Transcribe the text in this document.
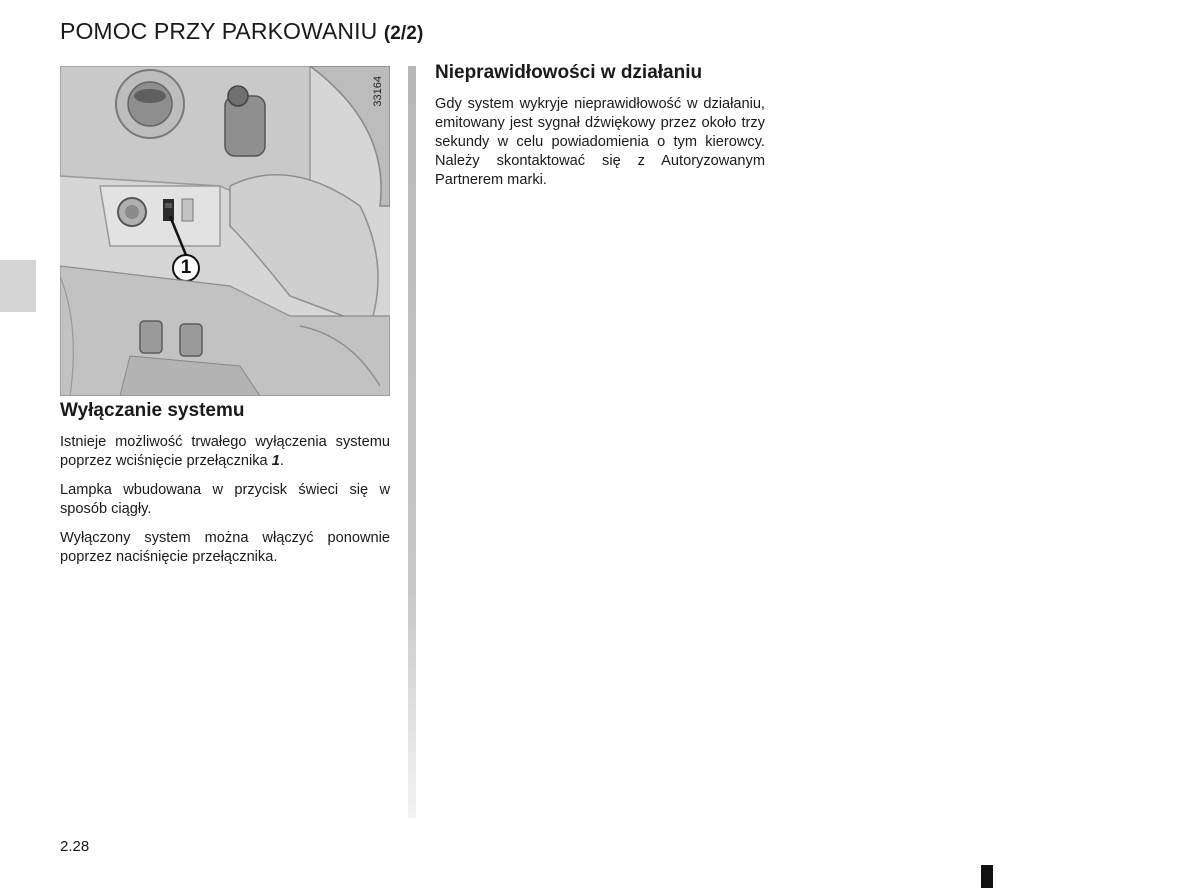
POMOC PRZY PARKOWANIU (2/2)
1
33164
Wyłączanie systemu

Istnieje możliwość trwałego wyłączenia systemu poprzez wciśnięcie przełącznika 1.

Lampka wbudowana w przycisk świeci się w sposób ciągły.

Wyłączony system można włączyć ponownie poprzez naciśnięcie przełącznika.

Nieprawidłowości w działaniu

Gdy system wykryje nieprawidłowość w działaniu, emitowany jest sygnał dźwiękowy przez około trzy sekundy w celu powiadomienia o tym kierowcy. Należy skontaktować się z Autoryzowanym Partnerem marki.

2.28
